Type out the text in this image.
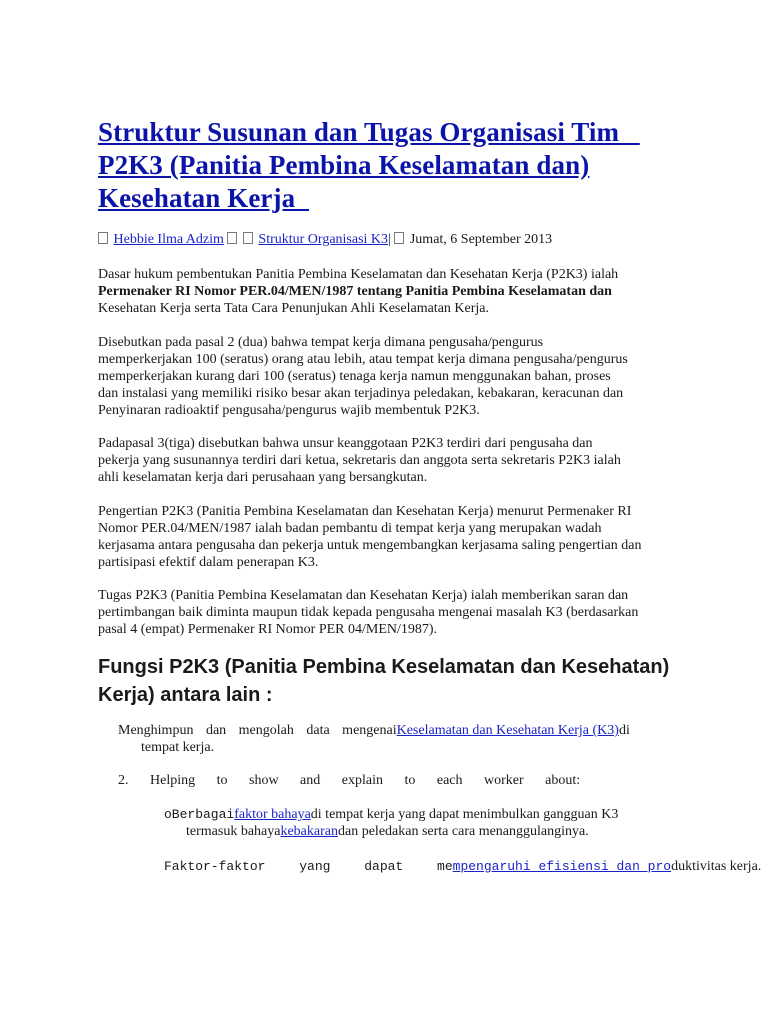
Struktur Susunan dan Tugas Organisasi Tim
P2K3 (Panitia Pembina Keselamatan dan)
Kesehatan Kerja
Hebbie Ilma Adzim Struktur Organisasi K3| Jumat, 6 September 2013

Dasar hukum pembentukan Panitia Pembina Keselamatan dan Kesehatan Kerja (P2K3) ialah
Permenaker RI Nomor PER.04/MEN/1987 tentang Panitia Pembina Keselamatan dan
Kesehatan Kerja serta Tata Cara Penunjukan Ahli Keselamatan Kerja.

Disebutkan pada pasal 2 (dua) bahwa tempat kerja dimana pengusaha/pengurus
memperkerjakan 100 (seratus) orang atau lebih, atau tempat kerja dimana pengusaha/pengurus
memperkerjakan kurang dari 100 (seratus) tenaga kerja namun menggunakan bahan, proses
dan instalasi yang memiliki risiko besar akan terjadinya peledakan, kebakaran, keracunan dan
Penyinaran radioaktif pengusaha/pengurus wajib membentuk P2K3.

Padapasal 3(tiga) disebutkan bahwa unsur keanggotaan P2K3 terdiri dari pengusaha dan
pekerja yang susunannya terdiri dari ketua, sekretaris dan anggota serta sekretaris P2K3 ialah
ahli keselamatan kerja dari perusahaan yang bersangkutan.

Pengertian P2K3 (Panitia Pembina Keselamatan dan Kesehatan Kerja) menurut Permenaker RI
Nomor PER.04/MEN/1987 ialah badan pembantu di tempat kerja yang merupakan wadah
kerjasama antara pengusaha dan pekerja untuk mengembangkan kerjasama saling pengertian dan
partisipasi efektif dalam penerapan K3.

Tugas P2K3 (Panitia Pembina Keselamatan dan Kesehatan Kerja) ialah memberikan saran dan
pertimbangan baik diminta maupun tidak kepada pengusaha mengenai masalah K3 (berdasarkan
pasal 4 (empat) Permenaker RI Nomor PER 04/MEN/1987).

Fungsi P2K3 (Panitia Pembina Keselamatan dan Kesehatan)
Kerja) antara lain :
Menghimpun dan mengolah data mengenaiKeselamatan dan Kesehatan Kerja (K3)di
tempat kerja.
2. Helping to show and explain to each worker about:
oBerbagaifaktor bahayadi tempat kerja yang dapat menimbulkan gangguan K3
termasuk bahayakebakarandan peledakan serta cara menanggulanginya.
Faktor-faktor yang dapat mempengaruhi efisiensi dan produktivitas kerja.
